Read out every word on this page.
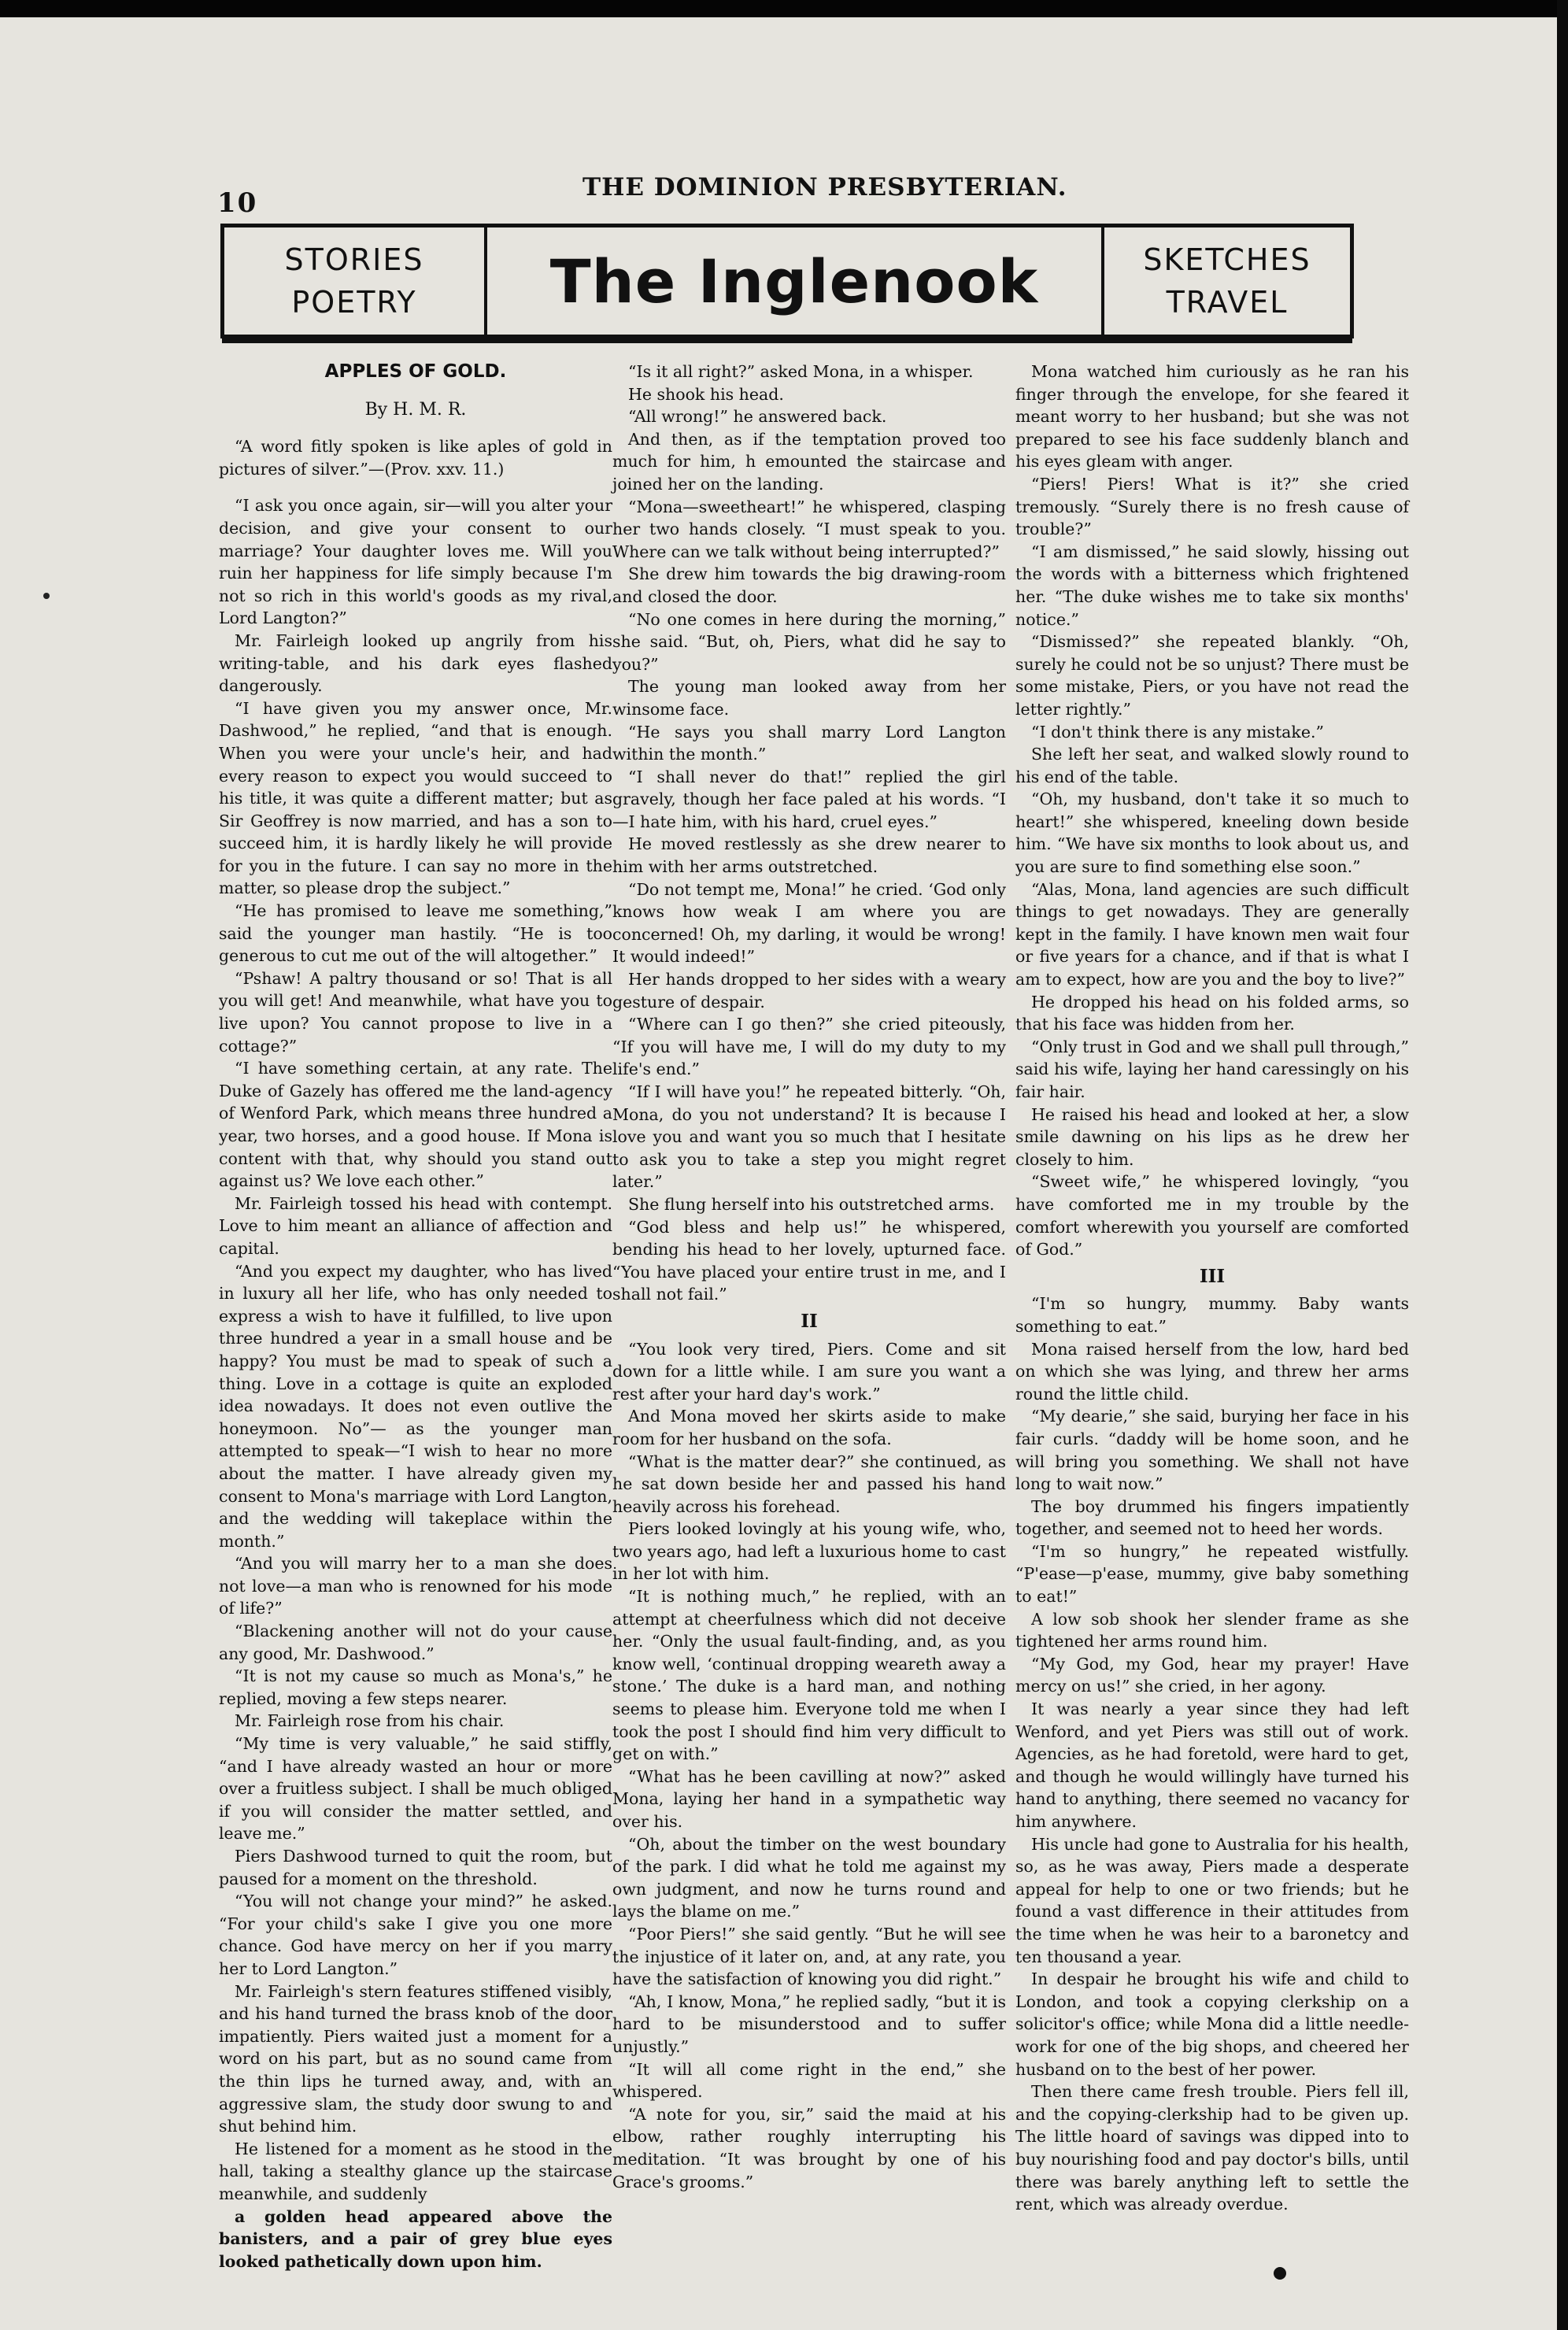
10	THE DOMINION PRESBYTERIAN.
STORIES
POETRY The Inglenook	SKETCHES
TRAVEL

APPLES OF GOLD.

By H. M. R.

“A word fitly spoken is like aples of gold in pictures of silver.”—(Prov. xxv. 11.)

“I ask you once again, sir—will you alter your decision, and give your consent to our marriage? Your daughter loves me. Will you ruin her happiness for life simply because I'm not so rich in this world's goods as my rival, Lord Langton?”

Mr. Fairleigh looked up angrily from his writing-table, and his dark eyes flashed dangerously.

“I have given you my answer once, Mr. Dashwood,” he replied, “and that is enough. When you were your uncle's heir, and had every reason to expect you would succeed to his title, it was quite a different matter; but as Sir Geoffrey is now married, and has a son to succeed him, it is hardly likely he will provide for you in the future. I can say no more in the matter, so please drop the subject.”

“He has promised to leave me something,” said the younger man hastily. “He is too generous to cut me out of the will altogether.”

“Pshaw! A paltry thousand or so! That is all you will get! And meanwhile, what have you to live upon? You cannot propose to live in a cottage?”

“I have something certain, at any rate. The Duke of Gazely has offered me the land-agency of Wenford Park, which means three hundred a year, two horses, and a good house. If Mona is content with that, why should you stand out against us? We love each other.”

Mr. Fairleigh tossed his head with contempt. Love to him meant an alliance of affection and capital.

“And you expect my daughter, who has lived in luxury all her life, who has only needed to express a wish to have it fulfilled, to live upon three hundred a year in a small house and be happy? You must be mad to speak of such a thing. Love in a cottage is quite an exploded idea nowadays. It does not even outlive the honeymoon. No”— as the younger man attempted to speak—“I wish to hear no more about the matter. I have already given my consent to Mona's marriage with Lord Langton, and the wedding will takeplace within the month.”

“And you will marry her to a man she does not love—a man who is renowned for his mode of life?”

“Blackening another will not do your cause any good, Mr. Dashwood.”

“It is not my cause so much as Mona's,” he replied, moving a few steps nearer.

Mr. Fairleigh rose from his chair.

“My time is very valuable,” he said stiffly, “and I have already wasted an hour or more over a fruitless subject. I shall be much obliged if you will consider the matter settled, and leave me.”

Piers Dashwood turned to quit the room, but paused for a moment on the threshold.

“You will not change your mind?” he asked. “For your child's sake I give you one more chance. God have mercy on her if you marry her to Lord Langton.”

Mr. Fairleigh's stern features stiffened visibly, and his hand turned the brass knob of the door impatiently. Piers waited just a moment for a word on his part, but as no sound came from the thin lips he turned away, and, with an aggressive slam, the study door swung to and shut behind him.

He listened for a moment as he stood in the hall, taking a stealthy glance up the staircase meanwhile, and suddenly

a golden head appeared above the banisters, and a pair of grey blue eyes looked pathetically down upon him.

“Is it all right?” asked Mona, in a whisper.

He shook his head.

“All wrong!” he answered back.

And then, as if the temptation proved too much for him, h emounted the staircase and joined her on the landing.

“Mona—sweetheart!” he whispered, clasping her two hands closely. “I must speak to you. Where can we talk without being interrupted?”

She drew him towards the big drawing-room and closed the door.

“No one comes in here during the morning,” she said. “But, oh, Piers, what did he say to you?”

The young man looked away from her winsome face.

“He says you shall marry Lord Langton within the month.”

“I shall never do that!” replied the girl gravely, though her face paled at his words. “I—I hate him, with his hard, cruel eyes.”

He moved restlessly as she drew nearer to him with her arms outstretched.

“Do not tempt me, Mona!” he cried. ‘God only knows how weak I am where you are concerned! Oh, my darling, it would be wrong! It would indeed!”

Her hands dropped to her sides with a weary gesture of despair.

“Where can I go then?” she cried piteously, “If you will have me, I will do my duty to my life's end.”

“If I will have you!” he repeated bitterly. “Oh, Mona, do you not understand? It is because I love you and want you so much that I hesitate to ask you to take a step you might regret later.”

She flung herself into his outstretched arms.

“God bless and help us!” he whispered, bending his head to her lovely, upturned face. “You have placed your entire trust in me, and I shall not fail.”

II

“You look very tired, Piers. Come and sit down for a little while. I am sure you want a rest after your hard day's work.”

And Mona moved her skirts aside to make room for her husband on the sofa.

“What is the matter dear?” she continued, as he sat down beside her and passed his hand heavily across his forehead.

Piers looked lovingly at his young wife, who, two years ago, had left a luxurious home to cast in her lot with him.

“It is nothing much,” he replied, with an attempt at cheerfulness which did not deceive her. “Only the usual fault-finding, and, as you know well, ‘continual dropping weareth away a stone.’ The duke is a hard man, and nothing seems to please him. Everyone told me when I took the post I should find him very difficult to get on with.”

“What has he been cavilling at now?” asked Mona, laying her hand in a sympathetic way over his.

“Oh, about the timber on the west boundary of the park. I did what he told me against my own judgment, and now he turns round and lays the blame on me.”

“Poor Piers!” she said gently. “But he will see the injustice of it later on, and, at any rate, you have the satisfaction of knowing you did right.”

“Ah, I know, Mona,” he replied sadly, “but it is hard to be misunderstood and to suffer unjustly.”

“It will all come right in the end,” she whispered.

“A note for you, sir,” said the maid at his elbow, rather roughly interrupting his meditation. “It was brought by one of his Grace's grooms.”

Mona watched him curiously as he ran his finger through the envelope, for she feared it meant worry to her husband; but she was not prepared to see his face suddenly blanch and his eyes gleam with anger.

“Piers! Piers! What is it?” she cried tremously. “Surely there is no fresh cause of trouble?”

“I am dismissed,” he said slowly, hissing out the words with a bitterness which frightened her. “The duke wishes me to take six months' notice.”

“Dismissed?” she repeated blankly. “Oh, surely he could not be so unjust? There must be some mistake, Piers, or you have not read the letter rightly.”

“I don't think there is any mistake.”

She left her seat, and walked slowly round to his end of the table.

“Oh, my husband, don't take it so much to heart!” she whispered, kneeling down beside him. “We have six months to look about us, and you are sure to find something else soon.”

“Alas, Mona, land agencies are such difficult things to get nowadays. They are generally kept in the family. I have known men wait four or five years for a chance, and if that is what I am to expect, how are you and the boy to live?”

He dropped his head on his folded arms, so that his face was hidden from her.

“Only trust in God and we shall pull through,” said his wife, laying her hand caressingly on his fair hair.

He raised his head and looked at her, a slow smile dawning on his lips as he drew her closely to him.

“Sweet wife,” he whispered lovingly, “you have comforted me in my trouble by the comfort wherewith you yourself are comforted of God.”

III

“I'm so hungry, mummy. Baby wants something to eat.”

Mona raised herself from the low, hard bed on which she was lying, and threw her arms round the little child.

“My dearie,” she said, burying her face in his fair curls. “daddy will be home soon, and he will bring you something. We shall not have long to wait now.”

The boy drummed his fingers impatiently together, and seemed not to heed her words.

“I'm so hungry,” he repeated wistfully. “P'ease—p'ease, mummy, give baby something to eat!”

A low sob shook her slender frame as she tightened her arms round him.

“My God, my God, hear my prayer! Have mercy on us!” she cried, in her agony.

It was nearly a year since they had left Wenford, and yet Piers was still out of work. Agencies, as he had foretold, were hard to get, and though he would willingly have turned his hand to anything, there seemed no vacancy for him anywhere.

His uncle had gone to Australia for his health, so, as he was away, Piers made a desperate appeal for help to one or two friends; but he found a vast difference in their attitudes from the time when he was heir to a baronetcy and ten thousand a year.

In despair he brought his wife and child to London, and took a copying clerkship on a solicitor's office; while Mona did a little needle-work for one of the big shops, and cheered her husband on to the best of her power.

Then there came fresh trouble. Piers fell ill, and the copying-clerkship had to be given up. The little hoard of savings was dipped into to buy nourishing food and pay doctor's bills, until there was barely anything left to settle the rent, which was already overdue.
